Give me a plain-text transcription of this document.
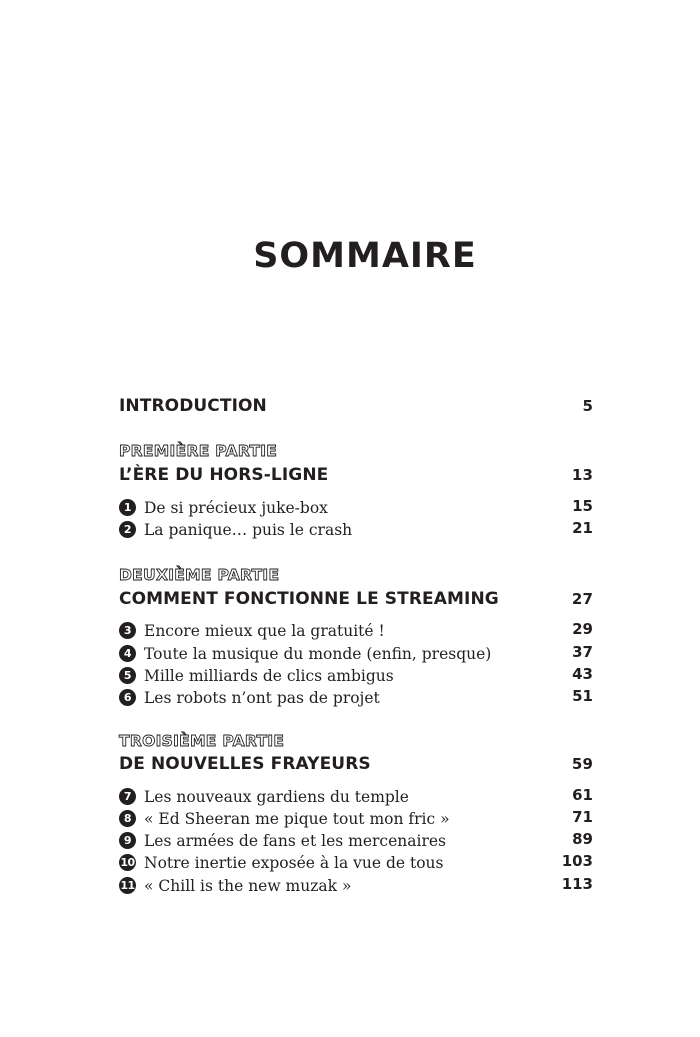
SOMMAIRE
INTRODUCTION	5
PREMIÈRE PARTIE
L’ÈRE DU HORS-LIGNE	13
1 De si précieux juke-box	15
2 La panique… puis le crash	21
DEUXIÈME PARTIE
COMMENT FONCTIONNE LE STREAMING	27
3 Encore mieux que la gratuité !	29
4 Toute la musique du monde (enfin, presque)	37
5 Mille milliards de clics ambigus	43
6 Les robots n’ont pas de projet	51
TROISIÈME PARTIE
DE NOUVELLES FRAYEURS	59
7 Les nouveaux gardiens du temple	61
8 « Ed Sheeran me pique tout mon fric »	71
9 Les armées de fans et les mercenaires	89
10 Notre inertie exposée à la vue de tous	103
11 « Chill is the new muzak »	113
